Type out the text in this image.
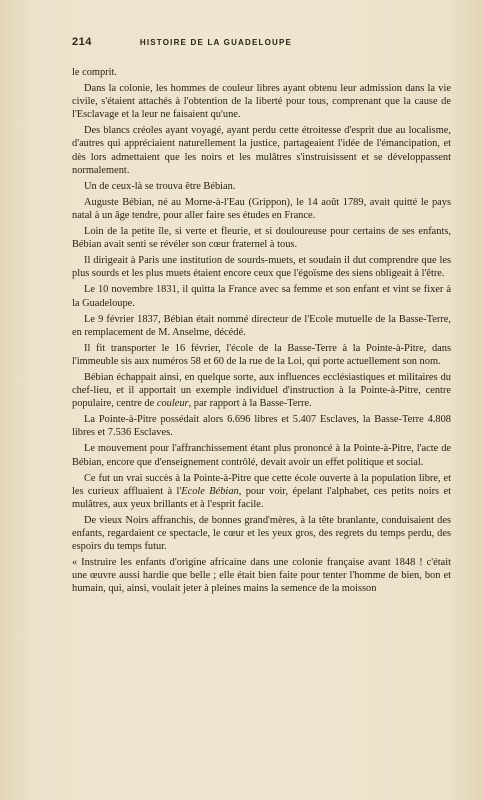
214	HISTOIRE DE LA GUADELOUPE

le comprit.

Dans la colonie, les hommes de couleur libres ayant obtenu leur admission dans la vie civile, s'étaient attachés à l'obtention de la liberté pour tous, comprenant que la cause de l'Esclavage et la leur ne faisaient qu'une.

Des blancs créoles ayant voyagé, ayant perdu cette étroitesse d'esprit due au localisme, d'autres qui appréciaient naturellement la justice, partageaient l'idée de l'émancipation, et dès lors admettaient que les noirs et les mulâtres s'instruisissent et se développassent normalement.

Un de ceux-là se trouva être Bébian.

Auguste Bébian, né au Morne-à-l'Eau (Grippon), le 14 août 1789, avait quitté le pays natal à un âge tendre, pour aller faire ses études en France.

Loin de la petite île, si verte et fleurie, et si douloureuse pour certains de ses enfants, Bébian avait senti se révéler son cœur fraternel à tous.

Il dirigeait à Paris une institution de sourds-muets, et soudain il dut comprendre que les plus sourds et les plus muets étaient encore ceux que l'égoïsme des siens obligeait à l'être.

Le 10 novembre 1831, il quitta la France avec sa femme et son enfant et vint se fixer à la Guadeloupe.

Le 9 février 1837, Bébian était nommé directeur de l'Ecole mutuelle de la Basse-Terre, en remplacement de M. Anselme, décédé.

Il fit transporter le 16 février, l'école de la Basse-Terre à la Pointe-à-Pitre, dans l'immeuble sis aux numéros 58 et 60 de la rue de la Loi, qui porte actuellement son nom.

Bébian échappait ainsi, en quelque sorte, aux influences ecclésiastiques et militaires du chef-lieu, et il apportait un exemple individuel d'instruction à la Pointe-à-Pitre, centre populaire, centre de couleur, par rapport à la Basse-Terre.

La Pointe-à-Pitre possédait alors 6.696 libres et 5.407 Esclaves, la Basse-Terre 4.808 libres et 7.536 Esclaves.

Le mouvement pour l'affranchissement étant plus prononcé à la Pointe-à-Pitre, l'acte de Bébian, encore que d'enseignement contrôlé, devait avoir un effet politique et social.

Ce fut un vrai succès à la Pointe-à-Pitre que cette école ouverte à la population libre, et les curieux affluaient à l'Ecole Bébian, pour voir, épelant l'alphabet, ces petits noirs et mulâtres, aux yeux brillants et à l'esprit facile.

De vieux Noirs affranchis, de bonnes grand'mères, à la tête branlante, conduisaient des enfants, regardaient ce spectacle, le cœur et les yeux gros, des regrets du temps perdu, des espoirs du temps futur.

« Instruire les enfants d'origine africaine dans une colonie française avant 1848 ! c'était une œuvre aussi hardie que belle ; elle était bien faite pour tenter l'homme de bien, bon et humain, qui, ainsi, voulait jeter à pleines mains la semence de la moisson
